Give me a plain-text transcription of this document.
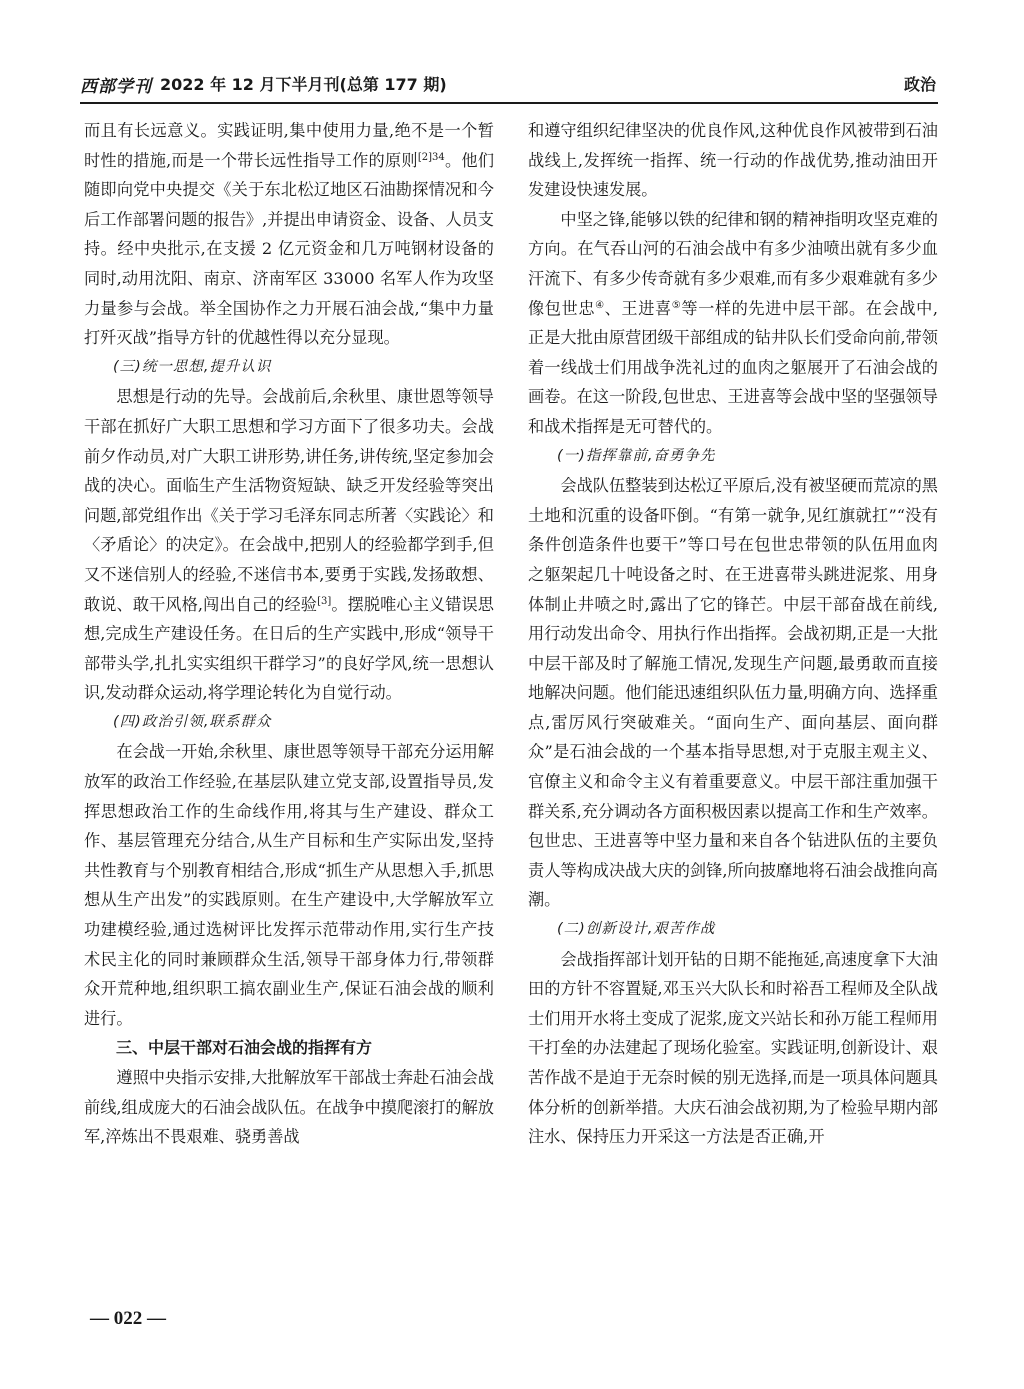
西部学刊 2022 年 12 月下半月刊(总第 177 期)	政治

而且有长远意义。实践证明,集中使用力量,绝不是一个暂时性的措施,而是一个带长远性指导工作的原则$^{[2]34}$。他们随即向党中央提交《关于东北松辽地区石油勘探情况和今后工作部署问题的报告》,并提出申请资金、设备、人员支持。经中央批示,在支援 2 亿元资金和几万吨钢材设备的同时,动用沈阳、南京、济南军区 33000 名军人作为攻坚力量参与会战。举全国协作之力开展石油会战,“集中力量打歼灭战”指导方针的优越性得以充分显现。

(三)统一思想,提升认识

思想是行动的先导。会战前后,余秋里、康世恩等领导干部在抓好广大职工思想和学习方面下了很多功夫。会战前夕作动员,对广大职工讲形势,讲任务,讲传统,坚定参加会战的决心。面临生产生活物资短缺、缺乏开发经验等突出问题,部党组作出《关于学习毛泽东同志所著〈实践论〉和〈矛盾论〉的决定》。在会战中,把别人的经验都学到手,但又不迷信别人的经验,不迷信书本,要勇于实践,发扬敢想、敢说、敢干风格,闯出自己的经验[3]。摆脱唯心主义错误思想,完成生产建设任务。在日后的生产实践中,形成“领导干部带头学,扎扎实实组织干群学习”的良好学风,统一思想认识,发动群众运动,将学理论转化为自觉行动。

(四)政治引领,联系群众

在会战一开始,余秋里、康世恩等领导干部充分运用解放军的政治工作经验,在基层队建立党支部,设置指导员,发挥思想政治工作的生命线作用,将其与生产建设、群众工作、基层管理充分结合,从生产目标和生产实际出发,坚持共性教育与个别教育相结合,形成“抓生产从思想入手,抓思想从生产出发”的实践原则。在生产建设中,大学解放军立功建模经验,通过选树评比发挥示范带动作用,实行生产技术民主化的同时兼顾群众生活,领导干部身体力行,带领群众开荒种地,组织职工搞农副业生产,保证石油会战的顺利进行。

三、中层干部对石油会战的指挥有方

遵照中央指示安排,大批解放军干部战士奔赴石油会战前线,组成庞大的石油会战队伍。在战争中摸爬滚打的解放军,淬炼出不畏艰难、骁勇善战

和遵守组织纪律坚决的优良作风,这种优良作风被带到石油战线上,发挥统一指挥、统一行动的作战优势,推动油田开发建设快速发展。

中坚之锋,能够以铁的纪律和钢的精神指明攻坚克难的方向。在气吞山河的石油会战中有多少油喷出就有多少血汗流下、有多少传奇就有多少艰难,而有多少艰难就有多少像包世忠④、王进喜⑤等一样的先进中层干部。在会战中,正是大批由原营团级干部组成的钻井队长们受命向前,带领着一线战士们用战争洗礼过的血肉之躯展开了石油会战的画卷。在这一阶段,包世忠、王进喜等会战中坚的坚强领导和战术指挥是无可替代的。

(一)指挥靠前,奋勇争先

会战队伍整装到达松辽平原后,没有被坚硬而荒凉的黑土地和沉重的设备吓倒。“有第一就争,见红旗就扛”“没有条件创造条件也要干”等口号在包世忠带领的队伍用血肉之躯架起几十吨设备之时、在王进喜带头跳进泥浆、用身体制止井喷之时,露出了它的锋芒。中层干部奋战在前线,用行动发出命令、用执行作出指挥。会战初期,正是一大批中层干部及时了解施工情况,发现生产问题,最勇敢而直接地解决问题。他们能迅速组织队伍力量,明确方向、选择重点,雷厉风行突破难关。“面向生产、面向基层、面向群众”是石油会战的一个基本指导思想,对于克服主观主义、官僚主义和命令主义有着重要意义。中层干部注重加强干群关系,充分调动各方面积极因素以提高工作和生产效率。包世忠、王进喜等中坚力量和来自各个钻进队伍的主要负责人等构成决战大庆的剑锋,所向披靡地将石油会战推向高潮。

(二)创新设计,艰苦作战

会战指挥部计划开钻的日期不能拖延,高速度拿下大油田的方针不容置疑,邓玉兴大队长和时裕吾工程师及全队战士们用开水将土变成了泥浆,庞文兴站长和孙万能工程师用干打垒的办法建起了现场化验室。实践证明,创新设计、艰苦作战不是迫于无奈时候的别无选择,而是一项具体问题具体分析的创新举措。大庆石油会战初期,为了检验早期内部注水、保持压力开采这一方法是否正确,开

— 022 —
